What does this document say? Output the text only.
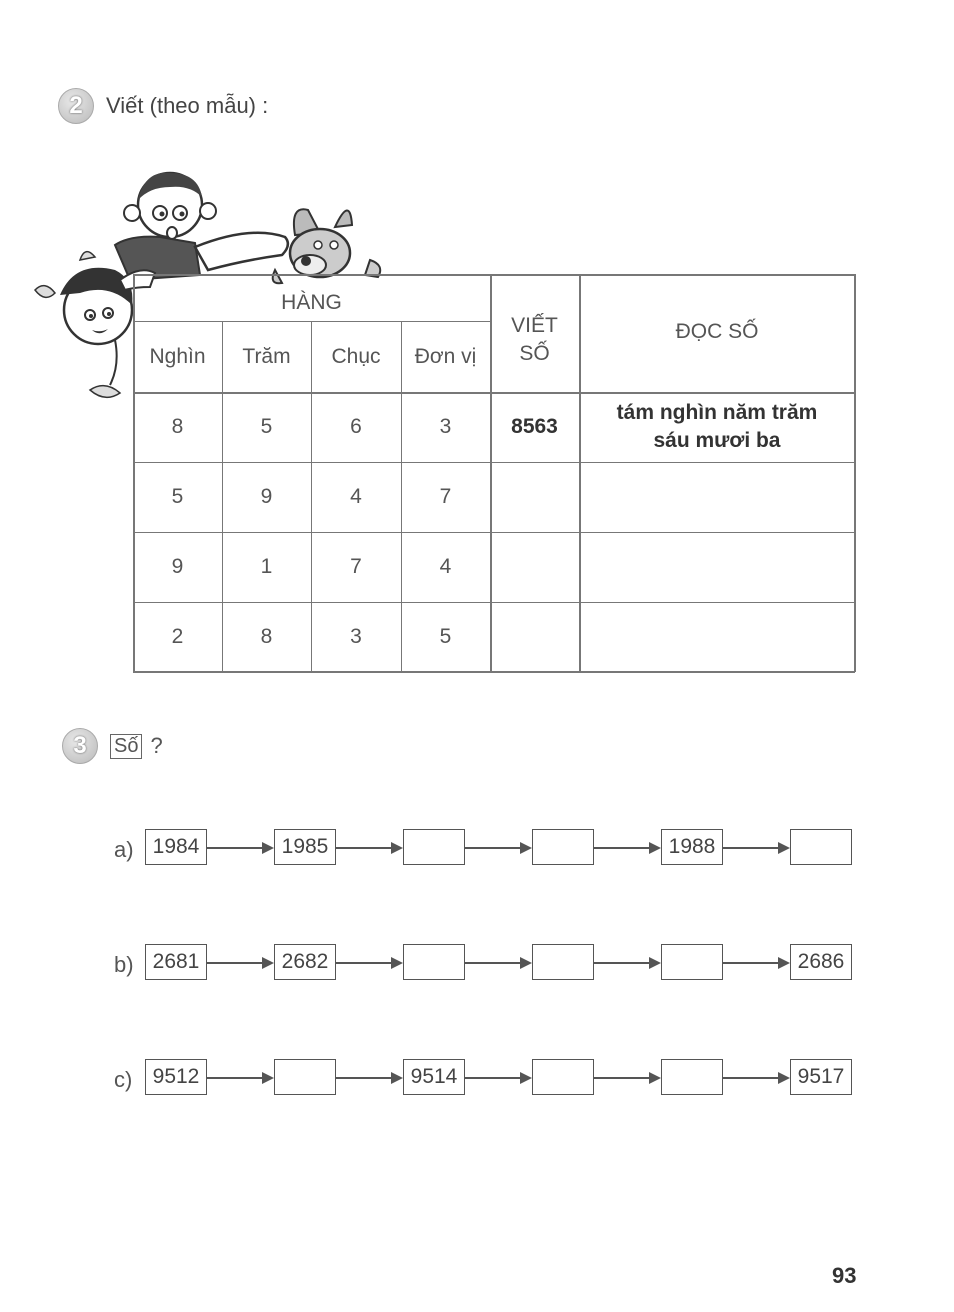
2	Viết (theo mẫu) :
HÀNG
Nghìn	Trăm	Chục	Đơn vị
VIẾT
SỐ
ĐỌC SỐ
8	5	6	3	8563
tám nghìn năm trăm
sáu mươi ba
5	9	4	7
9	1	7	4
2	8	3	5
3	Số ?
a) 1984	1985	1988
b) 2681	2682	2686
c) 9512	9514	9517
93
